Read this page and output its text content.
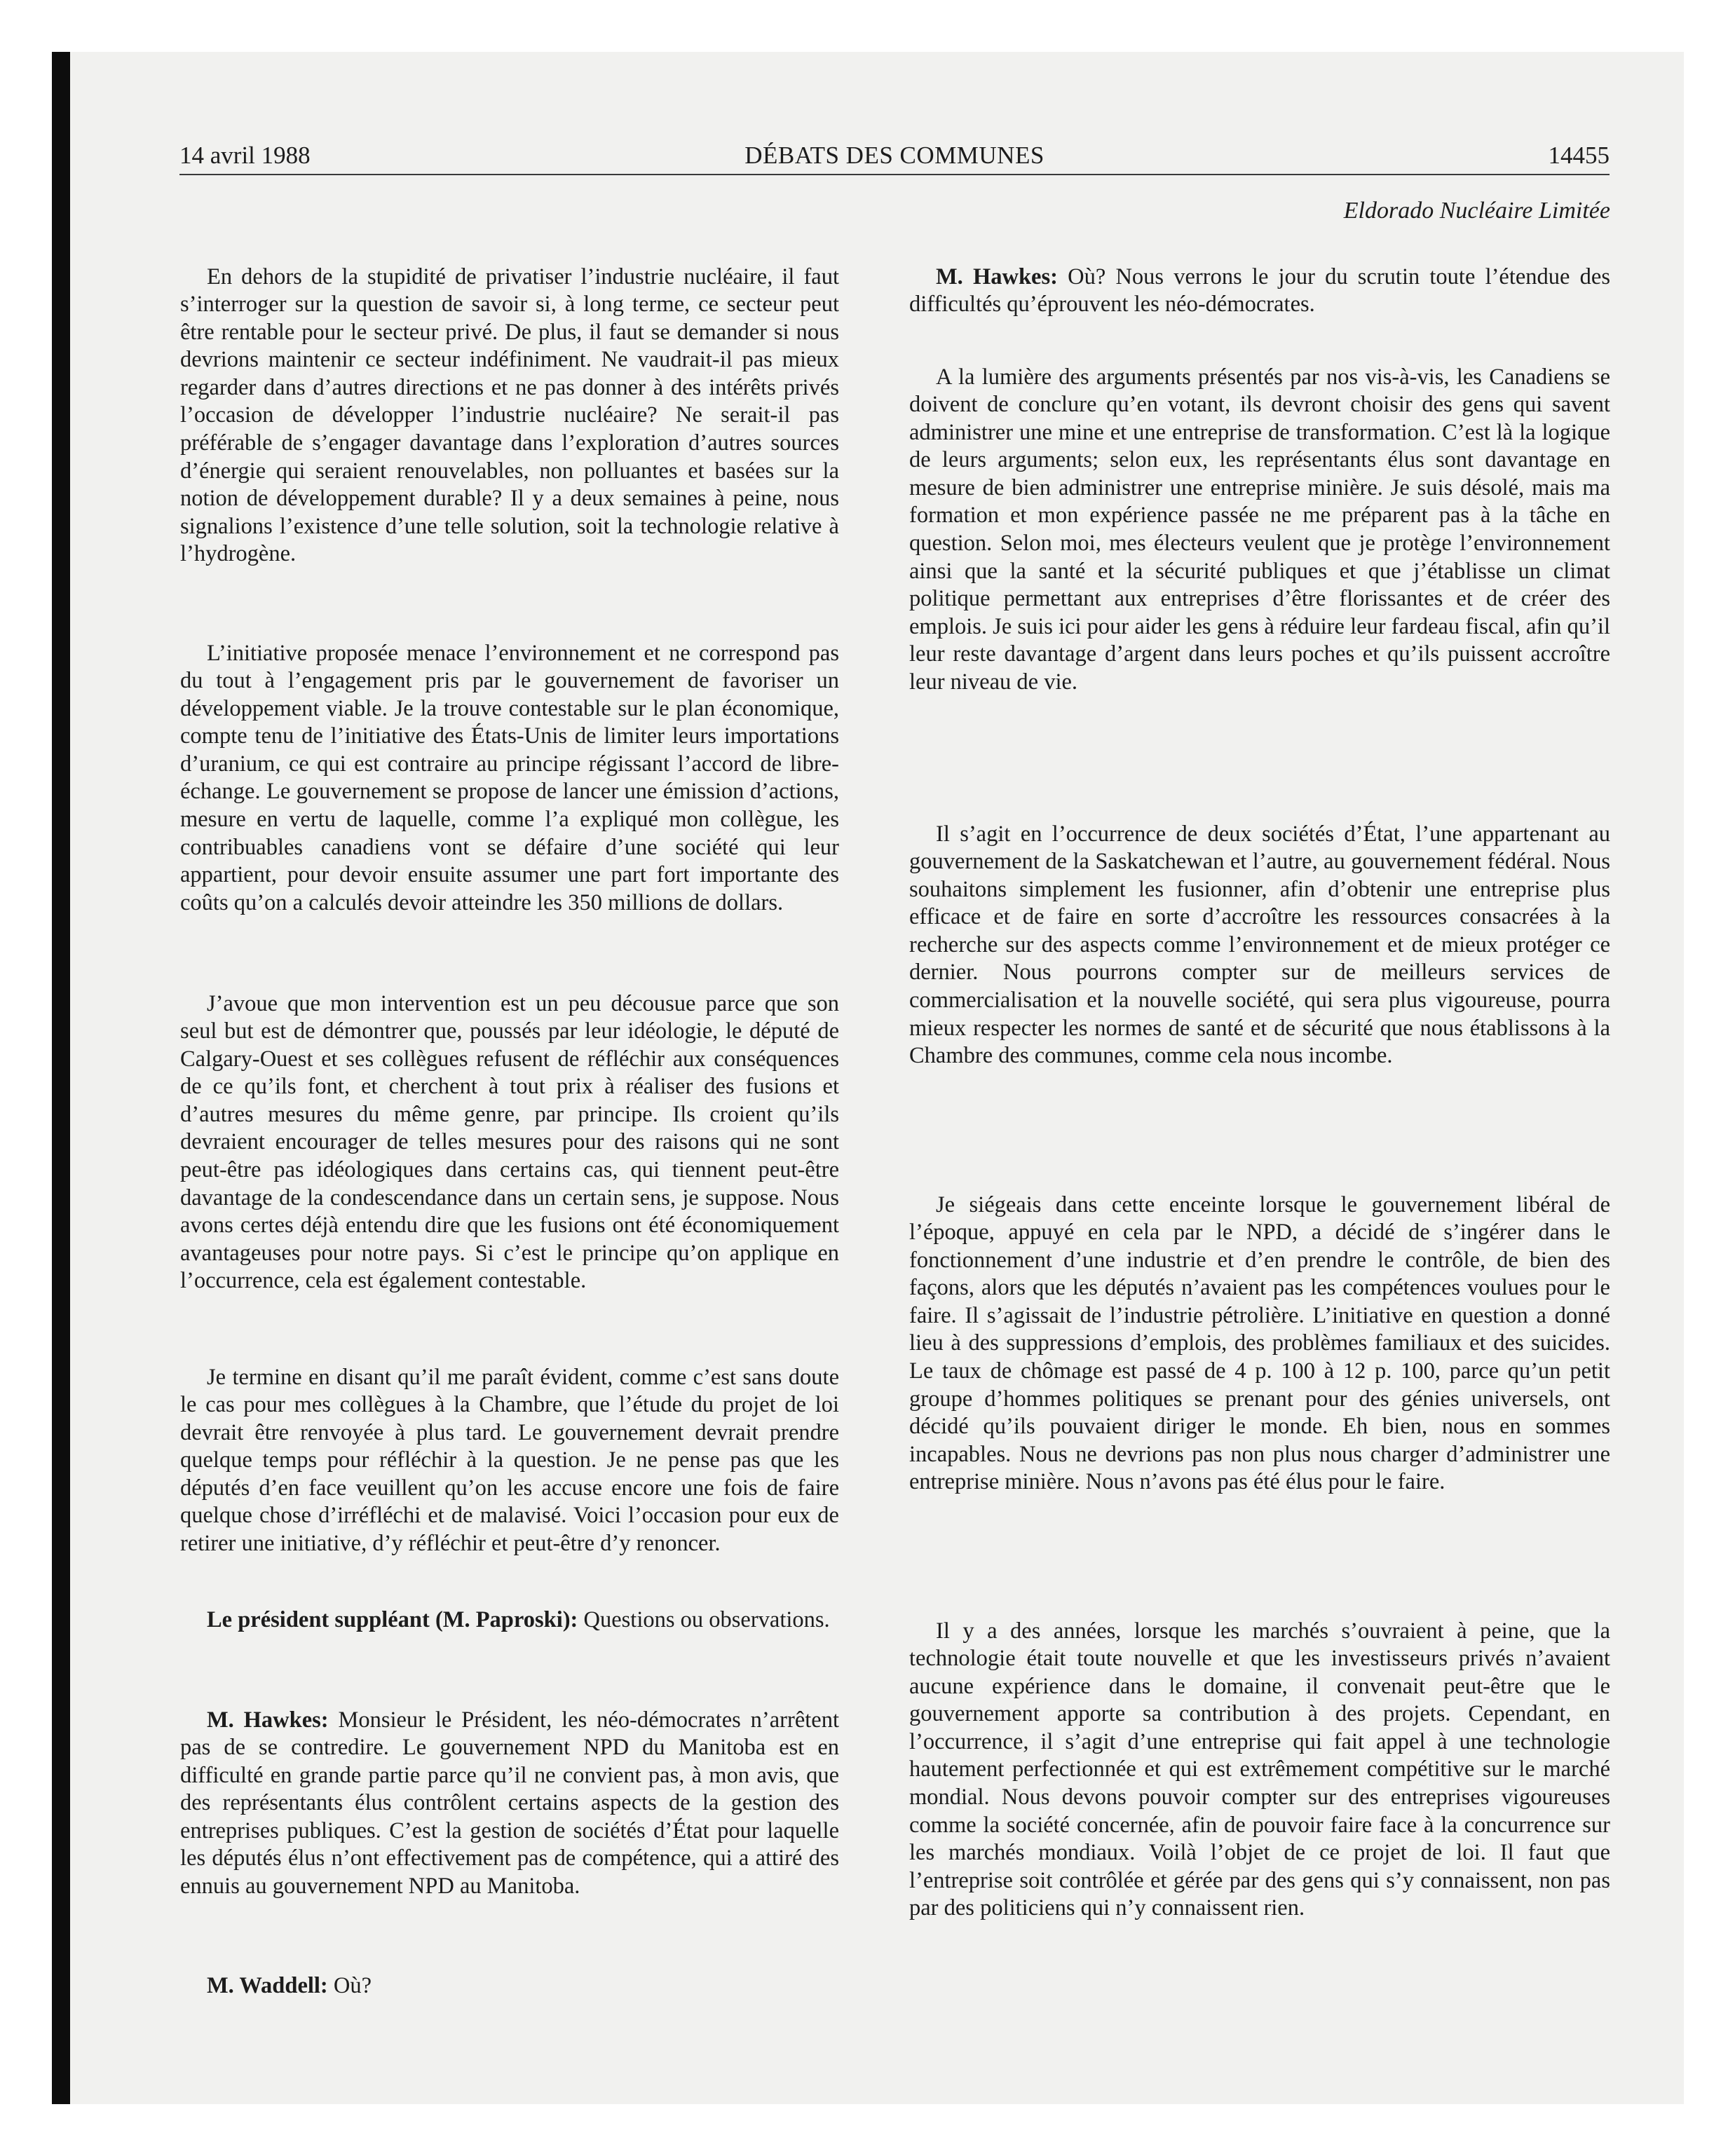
14 avril 1988	DÉBATS DES COMMUNES	14455

En dehors de la stupidité de privatiser l’industrie nucléaire, il faut s’interroger sur la question de savoir si, à long terme, ce secteur peut être rentable pour le secteur privé. De plus, il faut se demander si nous devrions maintenir ce secteur indéfiniment. Ne vaudrait-il pas mieux regarder dans d’autres directions et ne pas donner à des intérêts privés l’occasion de développer l’industrie nucléaire? Ne serait-il pas préférable de s’engager davantage dans l’exploration d’autres sources d’énergie qui seraient renouvelables, non polluantes et basées sur la notion de développement durable? Il y a deux semaines à peine, nous signalions l’existence d’une telle solution, soit la technologie relative à l’hydrogène.

L’initiative proposée menace l’environnement et ne correspond pas du tout à l’engagement pris par le gouvernement de favoriser un développement viable. Je la trouve contestable sur le plan économique, compte tenu de l’initiative des États-Unis de limiter leurs importations d’uranium, ce qui est contraire au principe régissant l’accord de libre-échange. Le gouvernement se propose de lancer une émission d’actions, mesure en vertu de laquelle, comme l’a expliqué mon collègue, les contribuables canadiens vont se défaire d’une société qui leur appartient, pour devoir ensuite assumer une part fort importante des coûts qu’on a calculés devoir atteindre les 350 millions de dollars.

J’avoue que mon intervention est un peu décousue parce que son seul but est de démontrer que, poussés par leur idéologie, le député de Calgary-Ouest et ses collègues refusent de réfléchir aux conséquences de ce qu’ils font, et cherchent à tout prix à réaliser des fusions et d’autres mesures du même genre, par principe. Ils croient qu’ils devraient encourager de telles mesures pour des raisons qui ne sont peut-être pas idéologiques dans certains cas, qui tiennent peut-être davantage de la condescendance dans un certain sens, je suppose. Nous avons certes déjà entendu dire que les fusions ont été économiquement avantageuses pour notre pays. Si c’est le principe qu’on applique en l’occurrence, cela est également contestable.

Je termine en disant qu’il me paraît évident, comme c’est sans doute le cas pour mes collègues à la Chambre, que l’étude du projet de loi devrait être renvoyée à plus tard. Le gouvernement devrait prendre quelque temps pour réfléchir à la question. Je ne pense pas que les députés d’en face veuillent qu’on les accuse encore une fois de faire quelque chose d’irréfléchi et de malavisé. Voici l’occasion pour eux de retirer une initiative, d’y réfléchir et peut-être d’y renoncer.

Le président suppléant (M. Paproski): Questions ou observations.

M. Hawkes: Monsieur le Président, les néo-démocrates n’arrêtent pas de se contredire. Le gouvernement NPD du Manitoba est en difficulté en grande partie parce qu’il ne convient pas, à mon avis, que des représentants élus contrôlent certains aspects de la gestion des entreprises publiques. C’est la gestion de sociétés d’État pour laquelle les députés élus n’ont effectivement pas de compétence, qui a attiré des ennuis au gouvernement NPD au Manitoba.

M. Waddell: Où?

Eldorado Nucléaire Limitée

M. Hawkes: Où? Nous verrons le jour du scrutin toute l’étendue des difficultés qu’éprouvent les néo-démocrates.

A la lumière des arguments présentés par nos vis-à-vis, les Canadiens se doivent de conclure qu’en votant, ils devront choisir des gens qui savent administrer une mine et une entreprise de transformation. C’est là la logique de leurs arguments; selon eux, les représentants élus sont davantage en mesure de bien administrer une entreprise minière. Je suis désolé, mais ma formation et mon expérience passée ne me préparent pas à la tâche en question. Selon moi, mes électeurs veulent que je protège l’environnement ainsi que la santé et la sécurité publiques et que j’établisse un climat politique permettant aux entreprises d’être florissantes et de créer des emplois. Je suis ici pour aider les gens à réduire leur fardeau fiscal, afin qu’il leur reste davantage d’argent dans leurs poches et qu’ils puissent accroître leur niveau de vie.

Il s’agit en l’occurrence de deux sociétés d’État, l’une appartenant au gouvernement de la Saskatchewan et l’autre, au gouvernement fédéral. Nous souhaitons simplement les fusionner, afin d’obtenir une entreprise plus efficace et de faire en sorte d’accroître les ressources consacrées à la recherche sur des aspects comme l’environnement et de mieux protéger ce dernier. Nous pourrons compter sur de meilleurs services de commercialisation et la nouvelle société, qui sera plus vigoureuse, pourra mieux respecter les normes de santé et de sécurité que nous établissons à la Chambre des communes, comme cela nous incombe.

Je siégeais dans cette enceinte lorsque le gouvernement libéral de l’époque, appuyé en cela par le NPD, a décidé de s’ingérer dans le fonctionnement d’une industrie et d’en prendre le contrôle, de bien des façons, alors que les députés n’avaient pas les compétences voulues pour le faire. Il s’agissait de l’industrie pétrolière. L’initiative en question a donné lieu à des suppressions d’emplois, des problèmes familiaux et des suicides. Le taux de chômage est passé de 4 p. 100 à 12 p. 100, parce qu’un petit groupe d’hommes politiques se prenant pour des génies universels, ont décidé qu’ils pouvaient diriger le monde. Eh bien, nous en sommes incapables. Nous ne devrions pas non plus nous charger d’administrer une entreprise minière. Nous n’avons pas été élus pour le faire.

Il y a des années, lorsque les marchés s’ouvraient à peine, que la technologie était toute nouvelle et que les investisseurs privés n’avaient aucune expérience dans le domaine, il convenait peut-être que le gouvernement apporte sa contribution à des projets. Cependant, en l’occurrence, il s’agit d’une entreprise qui fait appel à une technologie hautement perfectionnée et qui est extrêmement compétitive sur le marché mondial. Nous devons pouvoir compter sur des entreprises vigoureuses comme la société concernée, afin de pouvoir faire face à la concurrence sur les marchés mondiaux. Voilà l’objet de ce projet de loi. Il faut que l’entreprise soit contrôlée et gérée par des gens qui s’y connaissent, non pas par des politiciens qui n’y connaissent rien.
